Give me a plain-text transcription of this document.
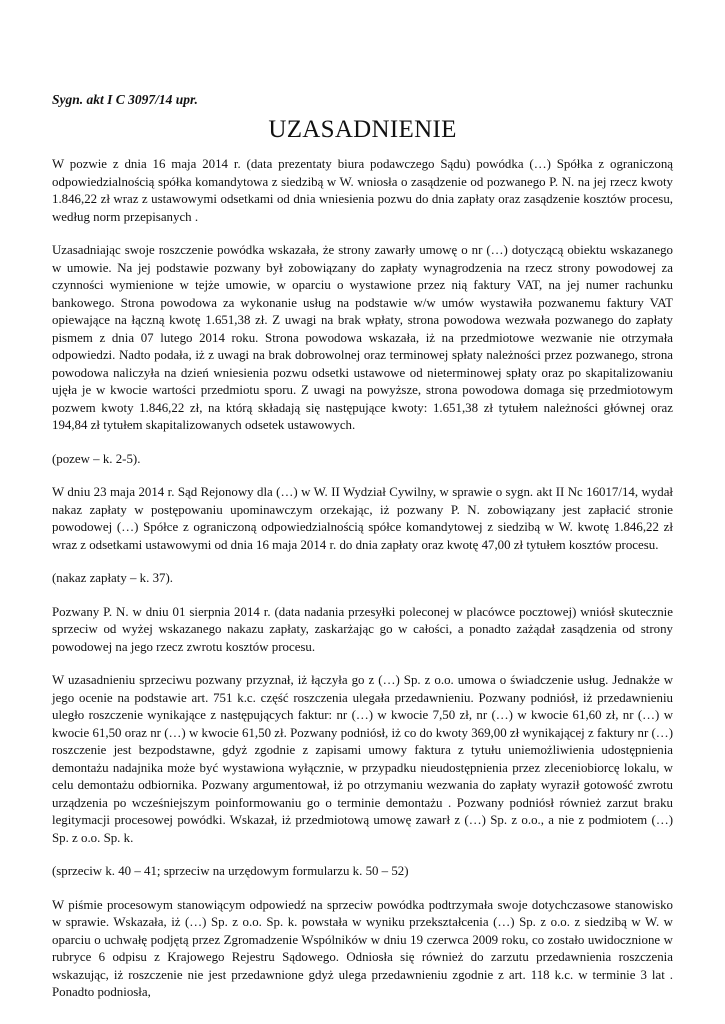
Sygn. akt I C 3097/14 upr.
UZASADNIENIE

W pozwie z dnia 16 maja 2014 r. (data prezentaty biura podawczego Sądu) powódka (…) Spółka z ograniczoną odpowiedzialnością spółka komandytowa z siedzibą w W. wniosła o zasądzenie od pozwanego P. N. na jej rzecz kwoty 1.846,22 zł wraz z ustawowymi odsetkami od dnia wniesienia pozwu do dnia zapłaty oraz zasądzenie kosztów procesu, według norm przepisanych .

Uzasadniając swoje roszczenie powódka wskazała, że strony zawarły umowę o nr (…) dotyczącą obiektu wskazanego w umowie. Na jej podstawie pozwany był zobowiązany do zapłaty wynagrodzenia na rzecz strony powodowej za czynności wymienione w tejże umowie, w oparciu o wystawione przez nią faktury VAT, na jej numer rachunku bankowego. Strona powodowa za wykonanie usług na podstawie w/w umów wystawiła pozwanemu faktury VAT opiewające na łączną kwotę 1.651,38 zł. Z uwagi na brak wpłaty, strona powodowa wezwała pozwanego do zapłaty pismem z dnia 07 lutego 2014 roku. Strona powodowa wskazała, iż na przedmiotowe wezwanie nie otrzymała odpowiedzi. Nadto podała, iż z uwagi na brak dobrowolnej oraz terminowej spłaty należności przez pozwanego, strona powodowa naliczyła na dzień wniesienia pozwu odsetki ustawowe od nieterminowej spłaty oraz po skapitalizowaniu ujęła je w kwocie wartości przedmiotu sporu. Z uwagi na powyższe, strona powodowa domaga się przedmiotowym pozwem kwoty 1.846,22 zł, na którą składają się następujące kwoty: 1.651,38 zł tytułem należności głównej oraz 194,84 zł tytułem skapitalizowanych odsetek ustawowych.

(pozew – k. 2-5).

W dniu 23 maja 2014 r. Sąd Rejonowy dla (…) w W. II Wydział Cywilny, w sprawie o sygn. akt II Nc 16017/14, wydał nakaz zapłaty w postępowaniu upominawczym orzekając, iż pozwany P. N. zobowiązany jest zapłacić stronie powodowej (…) Spółce z ograniczoną odpowiedzialnością spółce komandytowej z siedzibą w W. kwotę 1.846,22 zł wraz z odsetkami ustawowymi od dnia 16 maja 2014 r. do dnia zapłaty oraz kwotę 47,00 zł tytułem kosztów procesu.

(nakaz zapłaty – k. 37).

Pozwany P. N. w dniu 01 sierpnia 2014 r. (data nadania przesyłki poleconej w placówce pocztowej) wniósł skutecznie sprzeciw od wyżej wskazanego nakazu zapłaty, zaskarżając go w całości, a ponadto zażądał zasądzenia od strony powodowej na jego rzecz zwrotu kosztów procesu.

W uzasadnieniu sprzeciwu pozwany przyznał, iż łączyła go z (…) Sp. z o.o. umowa o świadczenie usług. Jednakże w jego ocenie na podstawie art. 751 k.c. część roszczenia ulegała przedawnieniu. Pozwany podniósł, iż przedawnieniu uległo roszczenie wynikające z następujących faktur: nr (…) w kwocie 7,50 zł, nr (…) w kwocie 61,60 zł, nr (…) w kwocie 61,50 oraz nr (…) w kwocie 61,50 zł. Pozwany podniósł, iż co do kwoty 369,00 zł wynikającej z faktury nr (…) roszczenie jest bezpodstawne, gdyż zgodnie z zapisami umowy faktura z tytułu uniemożliwienia udostępnienia demontażu nadajnika może być wystawiona wyłącznie, w przypadku nieudostępnienia przez zleceniobiorcę lokalu, w celu demontażu odbiornika. Pozwany argumentował, iż po otrzymaniu wezwania do zapłaty wyraził gotowość zwrotu urządzenia po wcześniejszym poinformowaniu go o terminie demontażu . Pozwany podniósł również zarzut braku legitymacji procesowej powódki. Wskazał, iż przedmiotową umowę zawarł z (…) Sp. z o.o., a nie z podmiotem (…) Sp. z o.o. Sp. k.

(sprzeciw k. 40 – 41; sprzeciw na urzędowym formularzu k. 50 – 52)

W piśmie procesowym stanowiącym odpowiedź na sprzeciw powódka podtrzymała swoje dotychczasowe stanowisko w sprawie. Wskazała, iż (…) Sp. z o.o. Sp. k. powstała w wyniku przekształcenia (…) Sp. z o.o. z siedzibą w W. w oparciu o uchwałę podjętą przez Zgromadzenie Wspólników w dniu 19 czerwca 2009 roku, co zostało uwidocznione w rubryce 6 odpisu z Krajowego Rejestru Sądowego. Odniosła się również do zarzutu przedawnienia roszczenia wskazując, iż roszczenie nie jest przedawnione gdyż ulega przedawnieniu zgodnie z art. 118 k.c. w terminie 3 lat . Ponadto podniosła,
